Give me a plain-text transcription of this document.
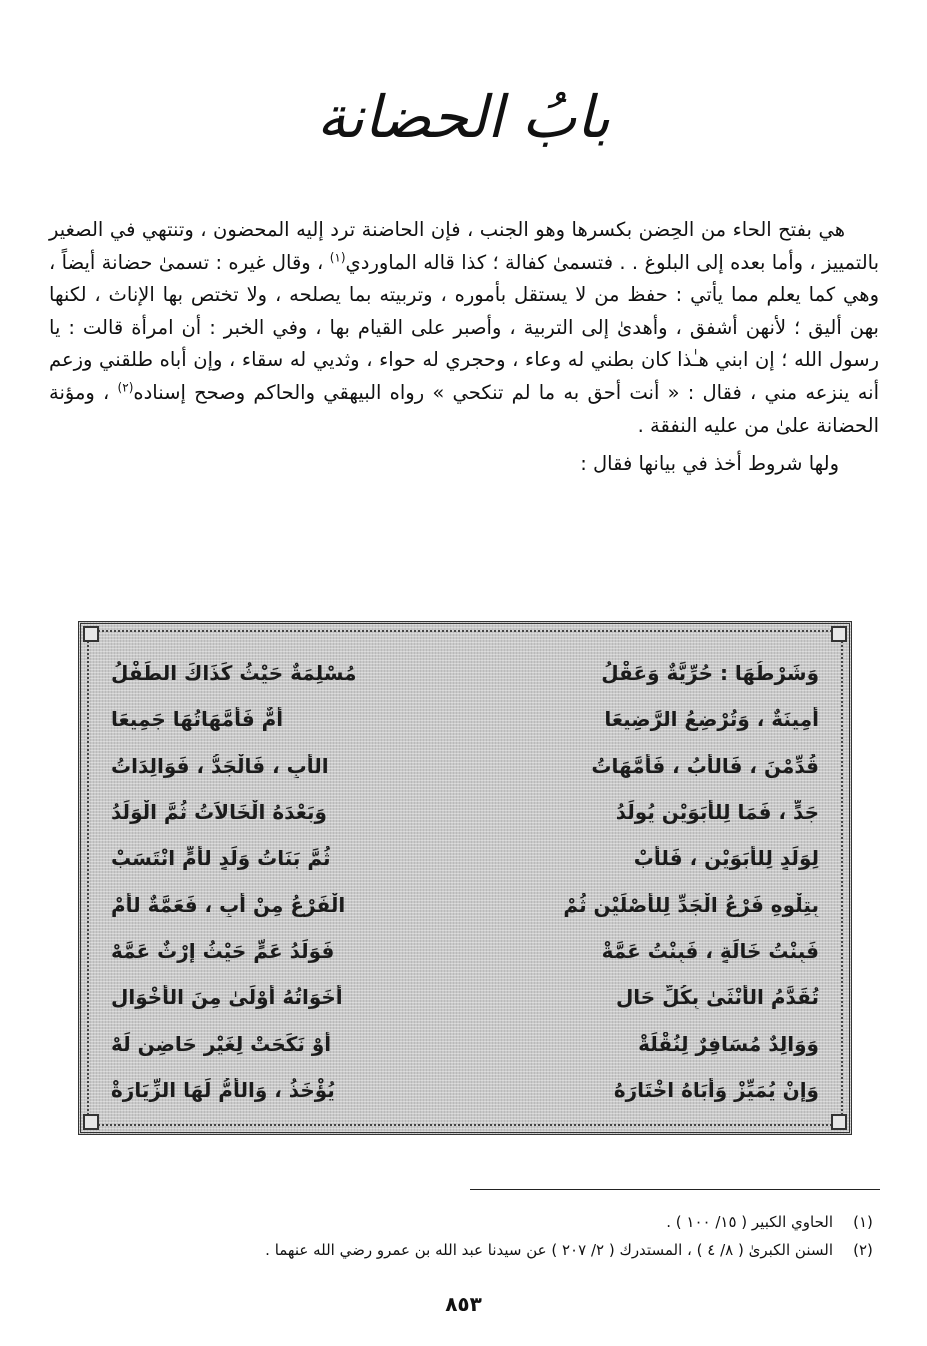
بابُ الحضانة

هي بفتح الحاء من الحِضن بكسرها وهو الجنب ، فإن الحاضنة ترد إليه المحضون ، وتنتهي في الصغير بالتمييز ، وأما بعده إلى البلوغ . . فتسمىٰ كفالة ؛ كذا قاله الماوردي$^{(١)}$ ، وقال غيره : تسمىٰ حضانة أيضاً ، وهي كما يعلم مما يأتي : حفظ من لا يستقل بأموره ، وتربيته بما يصلحه ، ولا تختص بها الإناث ، لكنها بهن أليق ؛ لأنهن أشفق ، وأهدىٰ إلى التربية ، وأصبر على القيام بها ، وفي الخبر : أن امرأة قالت : يا رسول الله ؛ إن ابني هـٰذا كان بطني له وعاء ، وحجري له حواء ، وثديي له سقاء ، وإن أباه طلقني وزعم أنه ينزعه مني ، فقال : « أنت أحق به ما لم تنكحي » رواه البيهقي والحاكم وصحح إسناده$^{(٢)}$ ، ومؤنة الحضانة علىٰ من عليه النفقة .

ولها شروط أخذ في بيانها فقال :

وَشَرْطُهَا : حُرِّيَّةٌ وَعَقْلُ
مُسْلِمَةٌ حَيْثُ كَذَاكَ الطِّفْلُ
أَمِينَةٌ ، وَتُرْضِعُ الرَّضِيعَا
أُمٌّ فَأُمَّهَاتُهَا جَمِيعَا
قُدِّمْنَ ، فَالأَبُ ، فَأُمَّهَاتُ
الأَبِ ، فَالْجَدُّ ، فَوَالِدَاتُ
جَدٍّ ، فَمَا لِلأَبَوَيْنِ يُولَدُ
وَبَعْدَهُ الْخَالاَتُ ثُمَّ الْوَلَدُ
لِوَلَدٍ لِلأَبَوَيْنِ ، فَلأَبْ
ثُمَّ بَنَاتُ وَلَدٍ لأُمٍّ انْتَسَبْ
بِتِلْوِهِ فَرْعُ الْجَدِّ لِلأَصْلَيْنِ ثُمْ
الْفَرْعُ مِنْ أَبٍ ، فَعَمَّةٌ لأُمْ
فَبِنْتُ خَالَةٍ ، فَبِنْتُ عَمَّةْ
فَوَلَدُ عَمٍّ حَيْثُ إِرْثٌ عَمَّهْ
تُقَدَّمُ الأُنْثَىٰ بِكُلِّ حَالِ
أَخَوَاتُهُ أَوْلَىٰ مِنَ الأَخْوَالِ
وَوَالِدٌ مُسَافِرٌ لِنُقْلَةْ
أَوْ نَكَحَتْ لِغَيْرِ حَاضِنٍ لَهْ
وَإِنْ يُمَيِّزْ وَأَبَاهُ اخْتَارَهُ
يُؤْخَذُ ، وَالأُمُّ لَهَا الزِّيَارَةْ
(١)
الحاوي الكبير ( ١٥/ ١٠٠ ) .
(٢)
السنن الكبرىٰ ( ٨/ ٤ ) ، المستدرك ( ٢/ ٢٠٧ ) عن سيدنا عبد الله بن عمرو رضي الله عنهما .
٨٥٣
